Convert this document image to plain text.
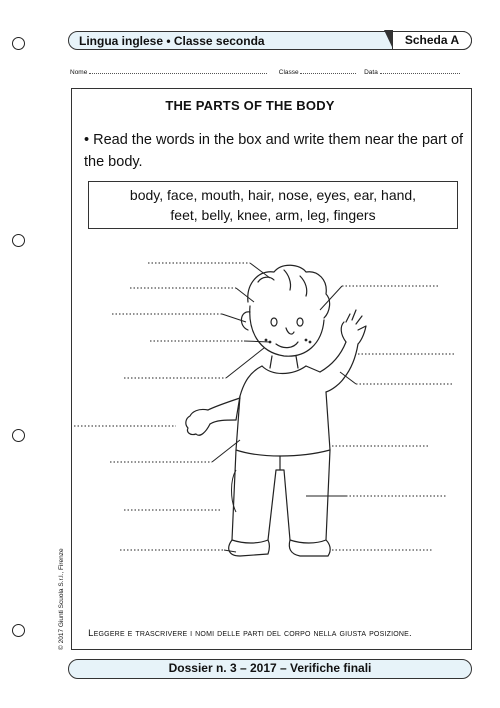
Lingua inglese • Classe seconda	Scheda A
Nome	Classe	Data
THE PARTS OF THE BODY
• Read the words in the box and write them near the part of the body.
body, face, mouth, hair, nose, eyes, ear, hand,
feet, belly, knee, arm, leg, fingers
Leggere e trascrivere i nomi delle parti del corpo nella giusta posizione.
Dossier n. 3 – 2017 – Verifiche finali
© 2017 Giunti Scuola S.r.l., Firenze
